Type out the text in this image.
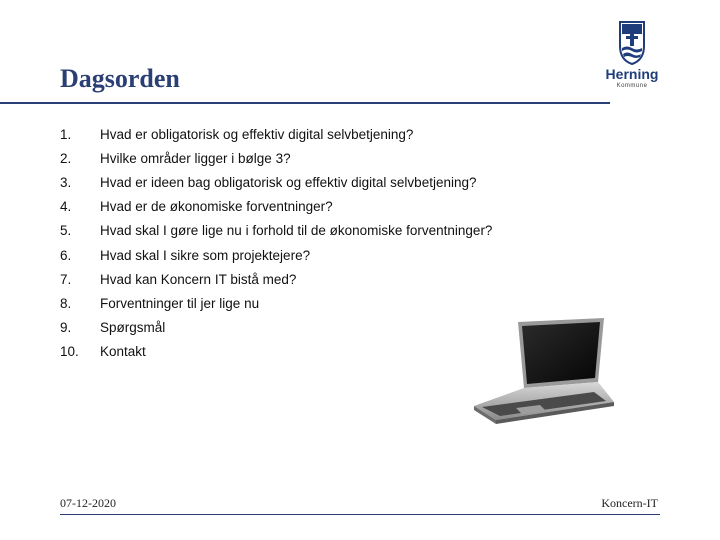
Dagsorden	Herning
Kommune
1.	Hvad er obligatorisk og effektiv digital selvbetjening?
2.	Hvilke områder ligger i bølge 3?
3.	Hvad er ideen bag obligatorisk og effektiv digital selvbetjening?
4.	Hvad er de økonomiske forventninger?
5.	Hvad skal I gøre lige nu i forhold til de økonomiske forventninger?
6.	Hvad skal I sikre som projektejere?
7.	Hvad kan Koncern IT bistå med?
8.	Forventninger til jer lige nu
9.	Spørgsmål
10.	Kontakt
07-12-2020	Koncern-IT
